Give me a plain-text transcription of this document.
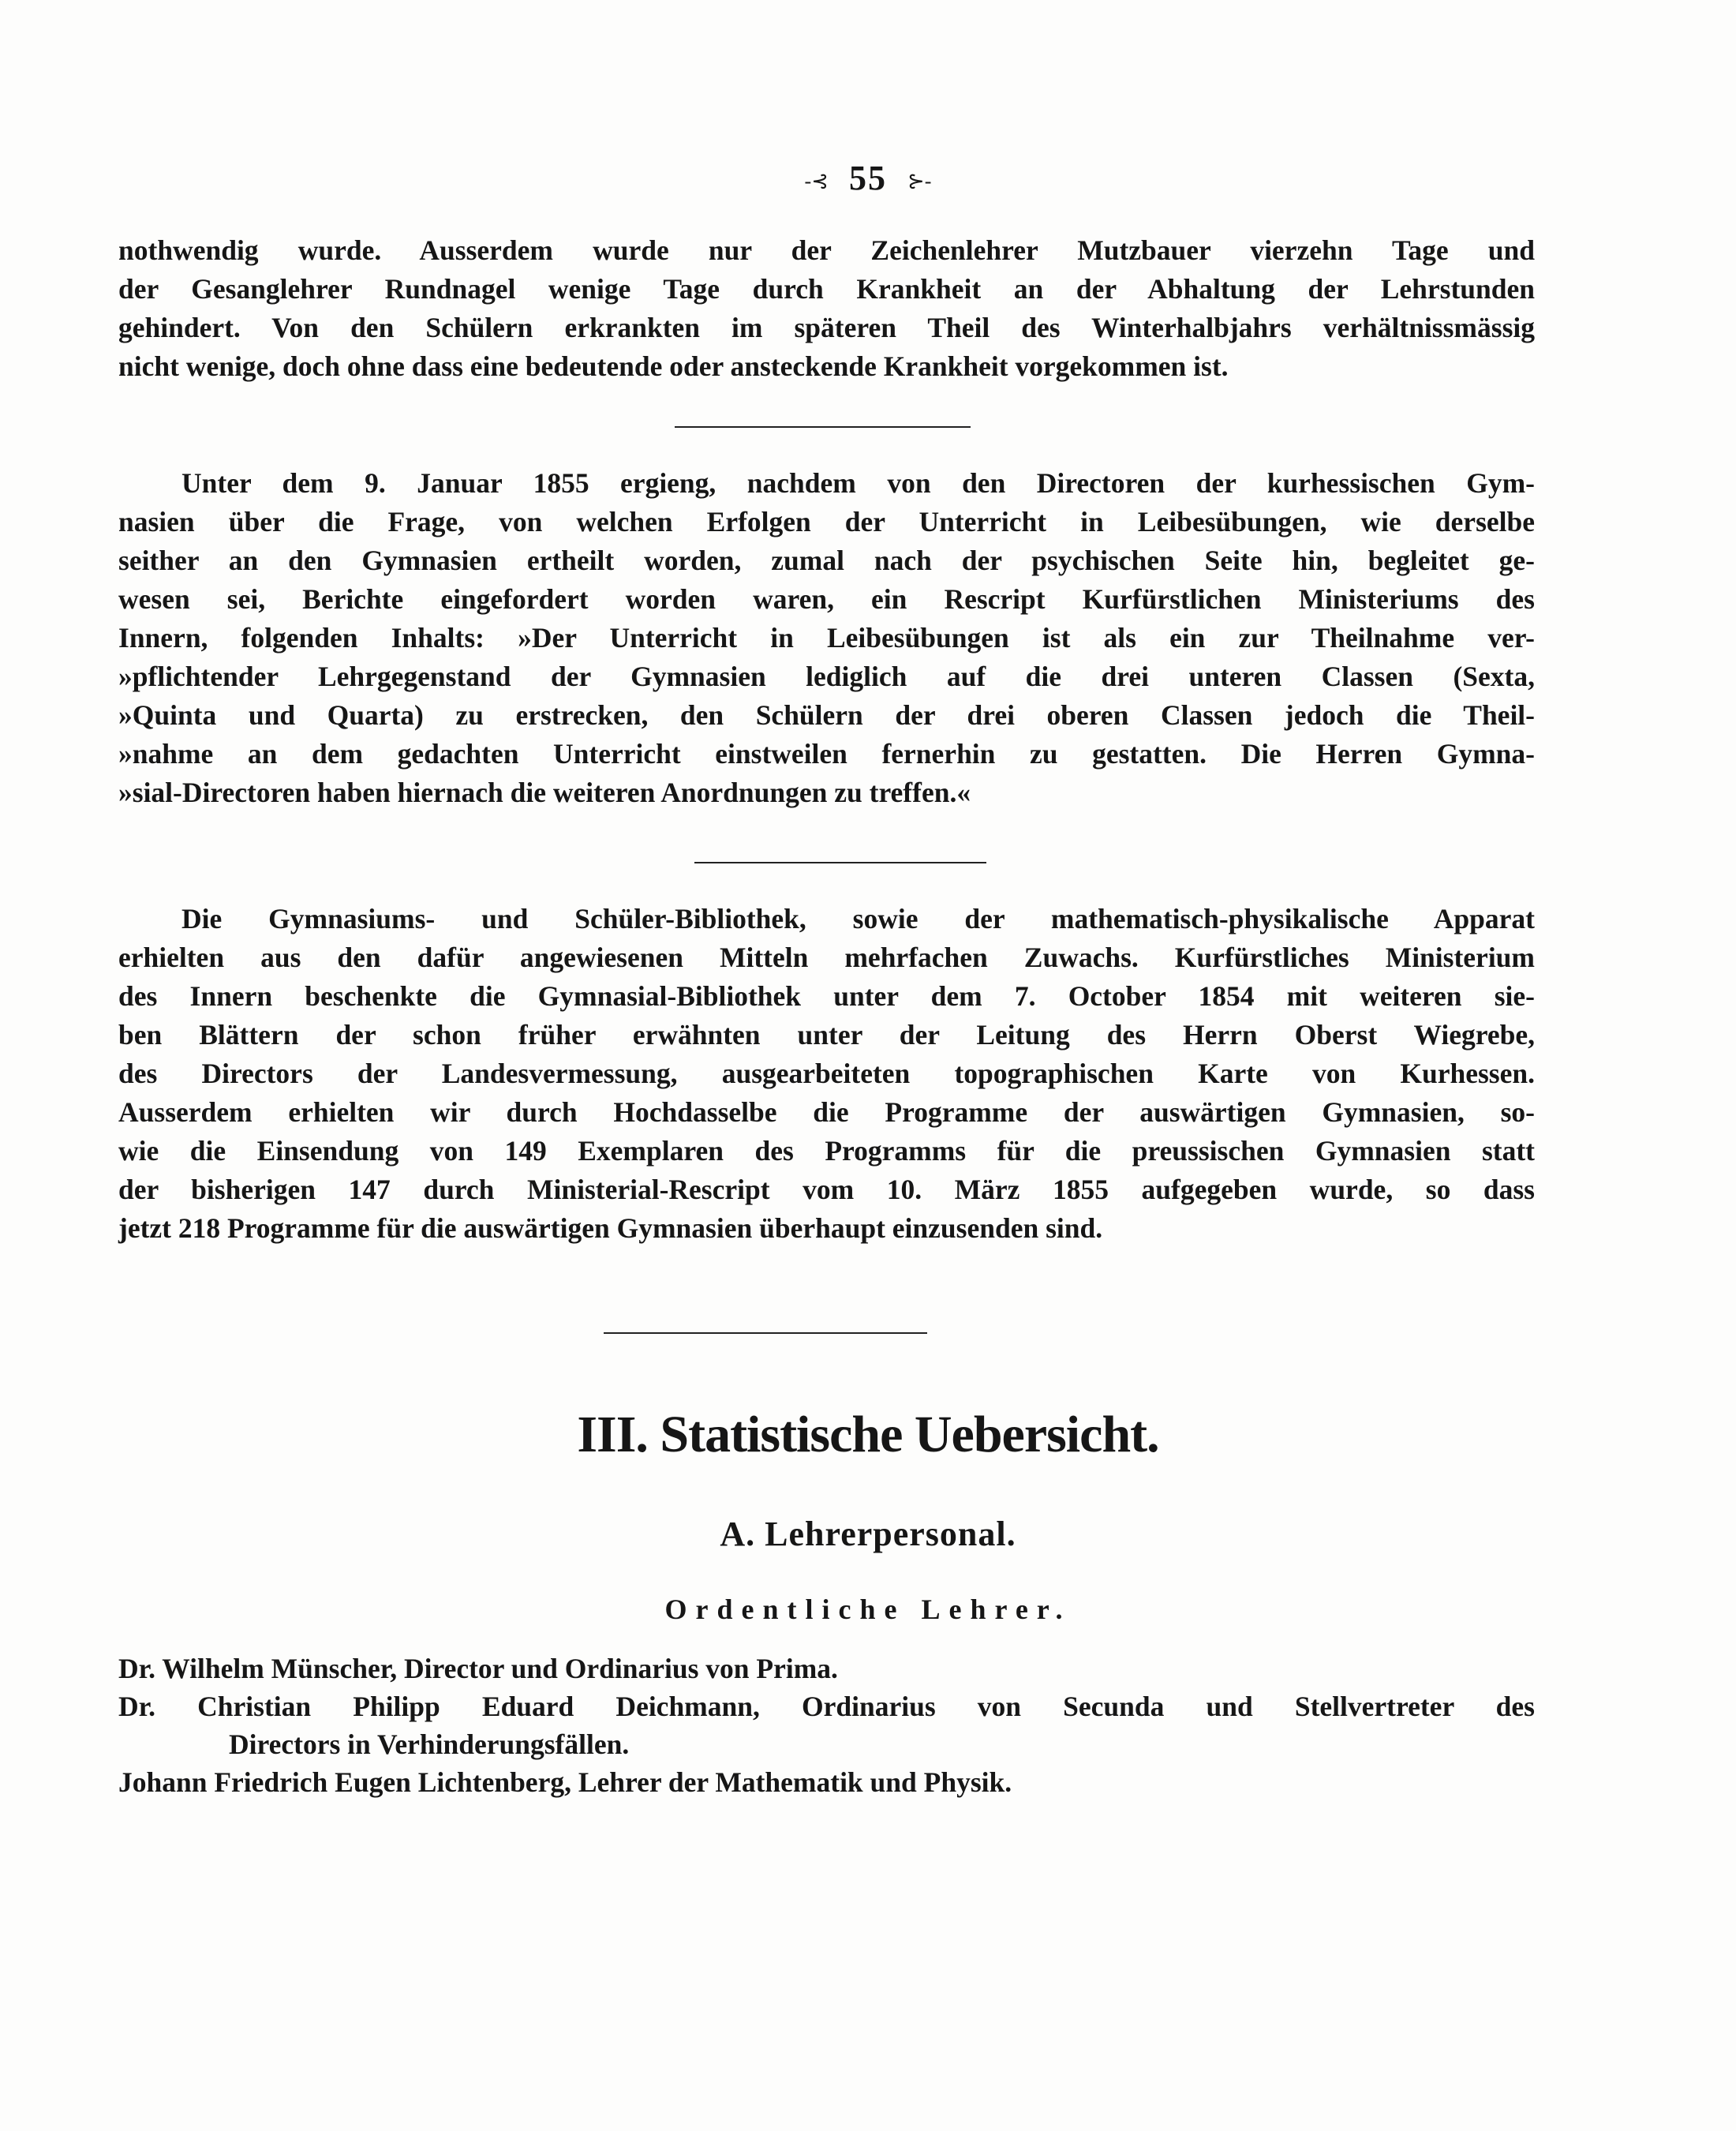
-⊰ 55 ⊱-
nothwendig wurde. Ausserdem wurde nur der Zeichenlehrer Mutzbauer vierzehn Tage und
der Gesanglehrer Rundnagel wenige Tage durch Krankheit an der Abhaltung der Lehrstunden
gehindert. Von den Schülern erkrankten im späteren Theil des Winterhalbjahrs verhältnissmässig
nicht wenige, doch ohne dass eine bedeutende oder ansteckende Krankheit vorgekommen ist.
Unter dem 9. Januar 1855 ergieng, nachdem von den Directoren der kurhessischen Gym-
nasien über die Frage, von welchen Erfolgen der Unterricht in Leibesübungen, wie derselbe
seither an den Gymnasien ertheilt worden, zumal nach der psychischen Seite hin, begleitet ge-
wesen sei, Berichte eingefordert worden waren, ein Rescript Kurfürstlichen Ministeriums des
Innern, folgenden Inhalts: »Der Unterricht in Leibesübungen ist als ein zur Theilnahme ver-
»pflichtender Lehrgegenstand der Gymnasien lediglich auf die drei unteren Classen (Sexta,
»Quinta und Quarta) zu erstrecken, den Schülern der drei oberen Classen jedoch die Theil-
»nahme an dem gedachten Unterricht einstweilen fernerhin zu gestatten. Die Herren Gymna-
»sial-Directoren haben hiernach die weiteren Anordnungen zu treffen.«
Die Gymnasiums- und Schüler-Bibliothek, sowie der mathematisch-physikalische Apparat
erhielten aus den dafür angewiesenen Mitteln mehrfachen Zuwachs. Kurfürstliches Ministerium
des Innern beschenkte die Gymnasial-Bibliothek unter dem 7. October 1854 mit weiteren sie-
ben Blättern der schon früher erwähnten unter der Leitung des Herrn Oberst Wiegrebe,
des Directors der Landesvermessung, ausgearbeiteten topographischen Karte von Kurhessen.
Ausserdem erhielten wir durch Hochdasselbe die Programme der auswärtigen Gymnasien, so-
wie die Einsendung von 149 Exemplaren des Programms für die preussischen Gymnasien statt
der bisherigen 147 durch Ministerial-Rescript vom 10. März 1855 aufgegeben wurde, so dass
jetzt 218 Programme für die auswärtigen Gymnasien überhaupt einzusenden sind.
III. Statistische Uebersicht.
A. Lehrerpersonal.
Ordentliche Lehrer.
Dr. Wilhelm Münscher, Director und Ordinarius von Prima.
Dr. Christian Philipp Eduard Deichmann, Ordinarius von Secunda und Stellvertreter des
Directors in Verhinderungsfällen.
Johann Friedrich Eugen Lichtenberg, Lehrer der Mathematik und Physik.
